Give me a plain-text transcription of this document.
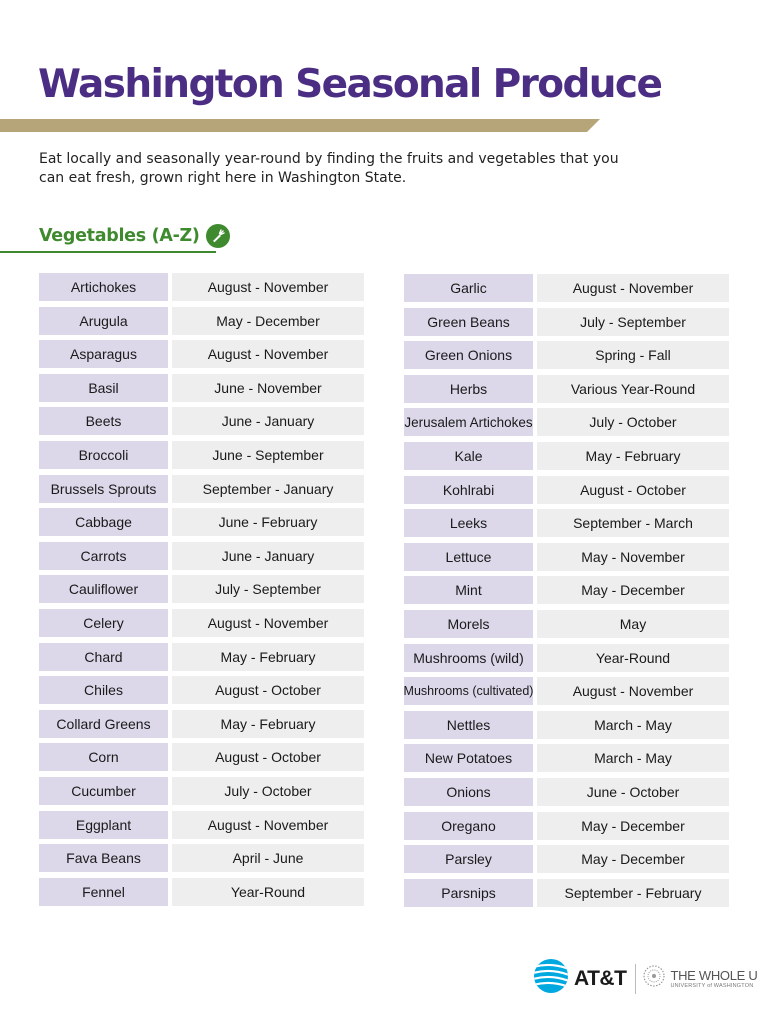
Washington Seasonal Produce

Eat locally and seasonally year-round by finding the fruits and vegetables that you can eat fresh, grown right here in Washington State.

Vegetables (A-Z)
Artichokes	August - November
Arugula	May - December
Asparagus	August - November
Basil	June - November
Beets	June - January
Broccoli	June - September
Brussels Sprouts	September - January
Cabbage	June - February
Carrots	June - January
Cauliflower	July - September
Celery	August - November
Chard	May - February
Chiles	August - October
Collard Greens	May - February
Corn	August - October
Cucumber	July - October
Eggplant	August - November
Fava Beans	April - June
Fennel	Year-Round
Garlic	August - November
Green Beans	July - September
Green Onions	Spring - Fall
Herbs	Various Year-Round
Jerusalem Artichokes	July - October
Kale	May - February
Kohlrabi	August - October
Leeks	September - March
Lettuce	May - November
Mint	May - December
Morels	May
Mushrooms (wild)	Year-Round
Mushrooms (cultivated)	August - November
Nettles	March - May
New Potatoes	March - May
Onions	June - October
Oregano	May - December
Parsley	May - December
Parsnips	September - February
AT&T	THE WHOLE U
UNIVERSITY of WASHINGTON
